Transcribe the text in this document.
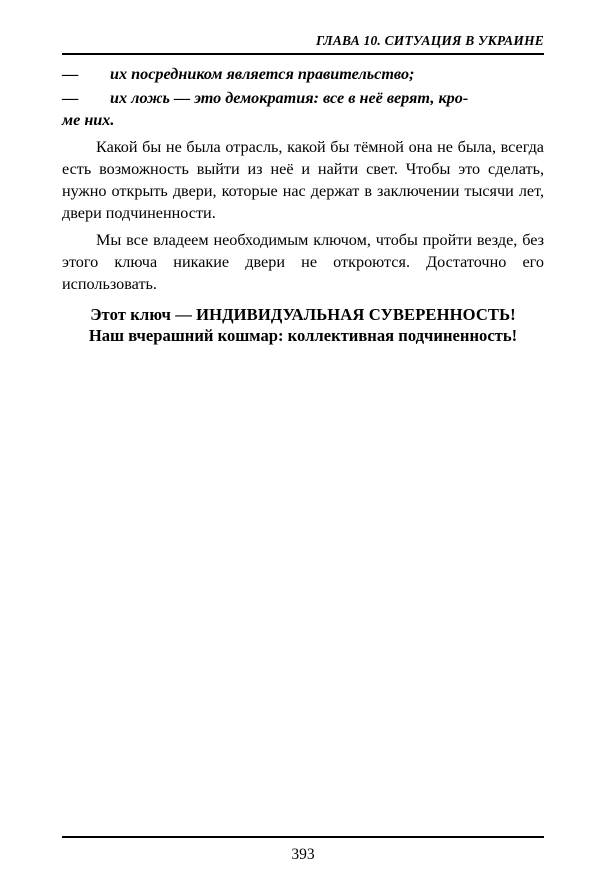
ГЛАВА 10. СИТУАЦИЯ В УКРАИНЕ

— их посредником является правительство;

— их ложь — это демократия: все в неё верят, кро-

ме них.

Какой бы не была отрасль, какой бы тёмной она не была, всегда есть возможность выйти из неё и найти свет. Чтобы это сделать, нужно открыть двери, которые нас держат в заключении тысячи лет, двери подчиненности.

Мы все владеем необходимым ключом, чтобы пройти везде, без этого ключа никакие двери не откроются. Достаточно его использовать.

Этот ключ — ИНДИВИДУАЛЬНАЯ СУВЕРЕННОСТЬ!
Наш вчерашний кошмар: коллективная подчиненность!
393
